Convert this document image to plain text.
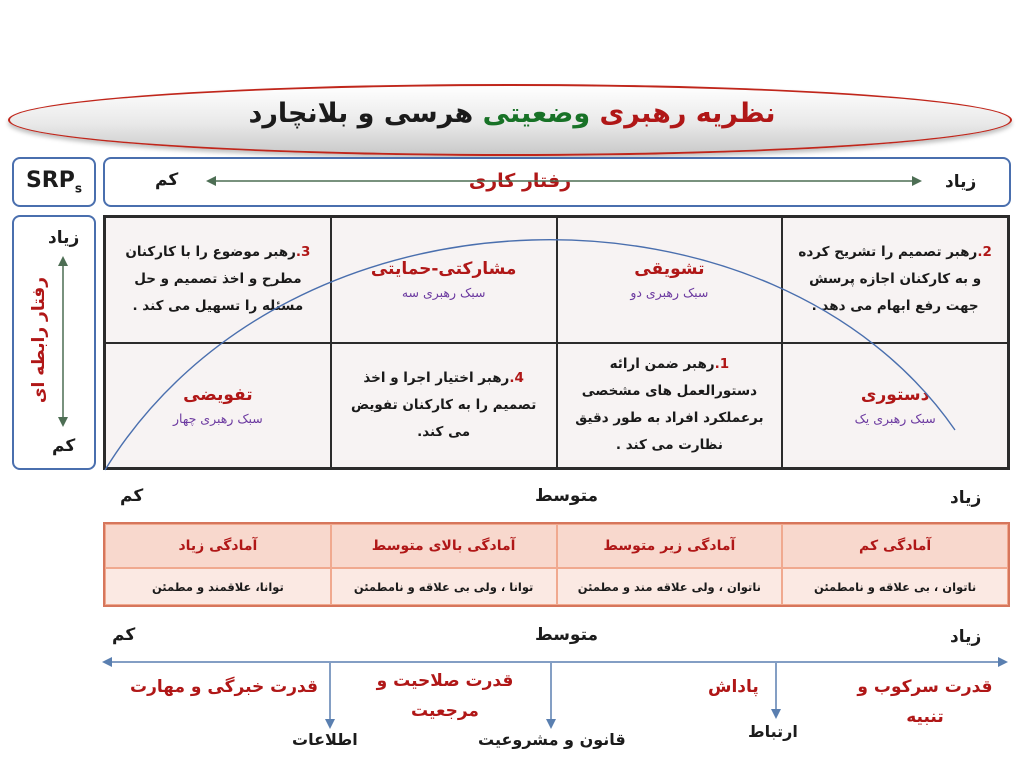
نظریه رهبری وضعیتی هرسی و بلانچارد
$SRP_s$	زیاد
کم	رفتار کاری
زیاد
کم
رفتار رابطه ای
2.رهبر تصمیم را تشریح کرده و به کارکنان اجازه پرسش جهت رفع ابهام می دهد .
تشویقی
سبک رهبری دو
مشارکتی-حمایتی
سبک رهبری سه
3.رهبر موضوع را با کارکنان مطرح و اخذ تصمیم و حل مسئله را تسهیل می کند .
دستوری
سبک رهبری یک
1.رهبر ضمن ارائه دستورالعمل های مشخصی برعملکرد افراد به طور دقیق نظارت می کند .
4.رهبر اختیار اجرا و اخذ تصمیم را به کارکنان تفویض می کند.
تفویضی
سبک رهبری چهار
زیاد
متوسط
کم
آمادگی کم
آمادگی زیر متوسط
آمادگی بالای متوسط
آمادگی زیاد
ناتوان ، بی علاقه و نامطمئن
ناتوان ، ولی علاقه مند و مطمئن
توانا ، ولی بی علاقه و نامطمئن
توانا، علاقمند و مطمئن
زیاد
متوسط
کم
قدرت سرکوب و تنبیه
پاداش
قدرت صلاحیت و مرجعیت
قدرت خبرگی و مهارت
ارتباط
قانون و مشروعیت
اطلاعات
